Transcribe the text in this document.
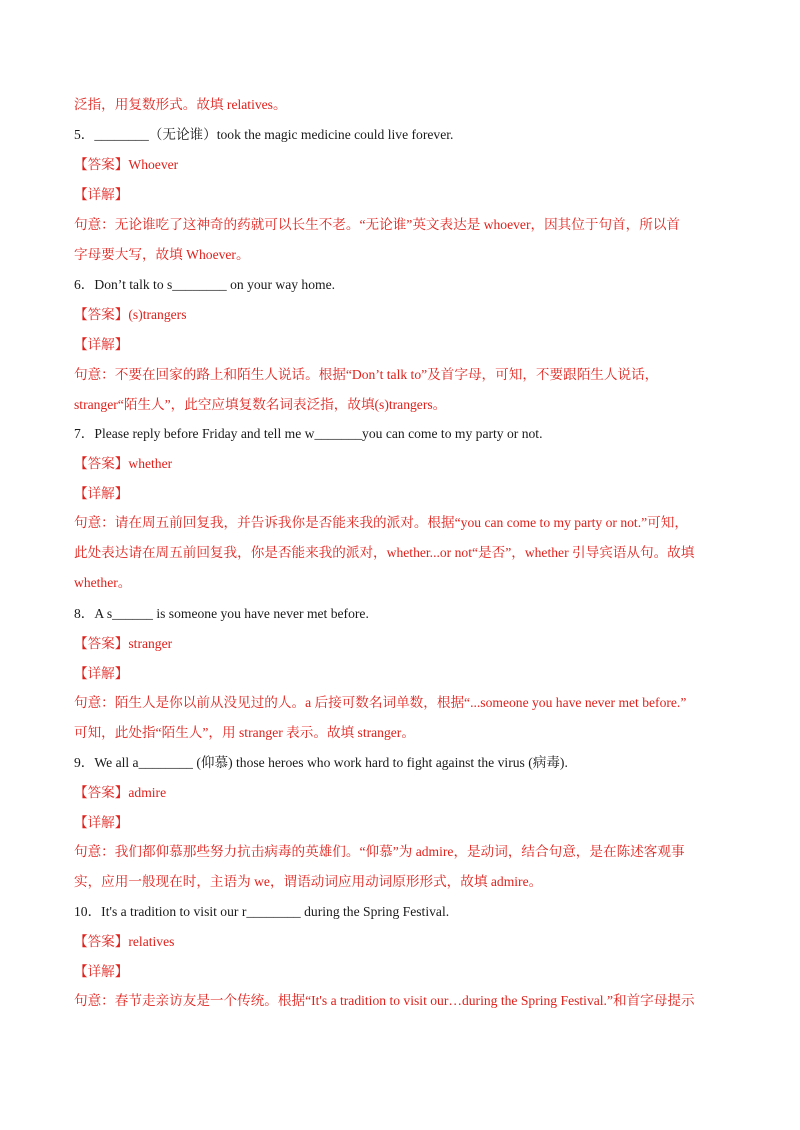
泛指，用复数形式。故填 relatives。
5．________（无论谁）took the magic medicine could live forever.
【答案】Whoever
【详解】
句意：无论谁吃了这神奇的药就可以长生不老。“无论谁”英文表达是 whoever，因其位于句首，所以首
字母要大写，故填 Whoever。
6．Don’t talk to s________ on your way home.
【答案】(s)trangers
【详解】
句意：不要在回家的路上和陌生人说话。根据“Don’t talk to”及首字母，可知，不要跟陌生人说话，
stranger“陌生人”，此空应填复数名词表泛指，故填(s)trangers。
7．Please reply before Friday and tell me w_______you can come to my party or not.
【答案】whether
【详解】
句意：请在周五前回复我，并告诉我你是否能来我的派对。根据“you can come to my party or not.”可知，
此处表达请在周五前回复我，你是否能来我的派对，whether...or not“是否”，whether 引导宾语从句。故填
whether。
8．A s______ is someone you have never met before.
【答案】stranger
【详解】
句意：陌生人是你以前从没见过的人。a 后接可数名词单数，根据“...someone you have never met before.”
可知，此处指“陌生人”，用 stranger 表示。故填 stranger。
9．We all a________ (仰慕) those heroes who work hard to fight against the virus (病毒).
【答案】admire
【详解】
句意：我们都仰慕那些努力抗击病毒的英雄们。“仰慕”为 admire，是动词，结合句意，是在陈述客观事
实，应用一般现在时，主语为 we，谓语动词应用动词原形形式，故填 admire。
10．It's a tradition to visit our r________ during the Spring Festival.
【答案】relatives
【详解】
句意：春节走亲访友是一个传统。根据“It's a tradition to visit our…during the Spring Festival.”和首字母提示
